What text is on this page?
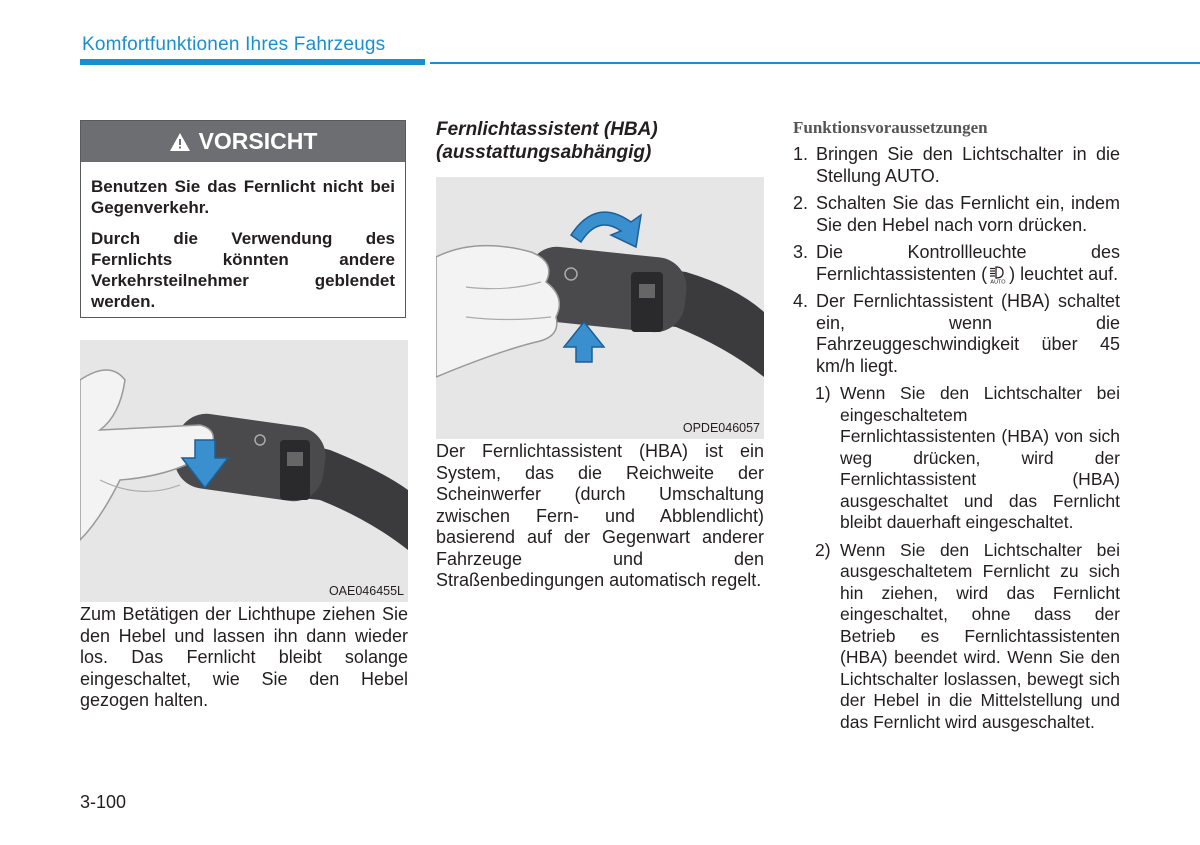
Komfortfunktionen Ihres Fahrzeugs
VORSICHT

Benutzen Sie das Fernlicht nicht bei Gegenverkehr.

Durch die Verwendung des Fernlichts könnten andere Verkehrsteilnehmer geblendet werden.

OAE046455L

Zum Betätigen der Lichthupe ziehen Sie den Hebel und lassen ihn dann wieder los. Das Fernlicht bleibt solange eingeschaltet, wie Sie den Hebel gezogen halten.

Fernlichtassistent (HBA)
(ausstattungsabhängig)
OPDE046057

Der Fernlichtassistent (HBA) ist ein System, das die Reichweite der Scheinwerfer (durch Umschaltung zwischen Fern- und Abblendlicht) basierend auf der Gegenwart anderer Fahrzeuge und den Straßenbedingungen automatisch regelt.

Funktionsvoraussetzungen
1. Bringen Sie den Lichtschalter in die Stellung AUTO.
2. Schalten Sie das Fernlicht ein, indem Sie den Hebel nach vorn drücken.
3. Die Kontrollleuchte des Fernlichtassistenten ( AUTO ) leuchtet auf.
4. Der Fernlichtassistent (HBA) schaltet ein, wenn die Fahrzeuggeschwindigkeit über 45 km/h liegt.
1) Wenn Sie den Lichtschalter bei eingeschaltetem Fernlichtassistenten (HBA) von sich weg drücken, wird der Fernlichtassistent (HBA) ausgeschaltet und das Fernlicht bleibt dauerhaft eingeschaltet.
2) Wenn Sie den Lichtschalter bei ausgeschaltetem Fernlicht zu sich hin ziehen, wird das Fernlicht eingeschaltet, ohne dass der Betrieb es Fernlichtassistenten (HBA) beendet wird. Wenn Sie den Lichtschalter loslassen, bewegt sich der Hebel in die Mittelstellung und das Fernlicht wird ausgeschaltet.
3-100
